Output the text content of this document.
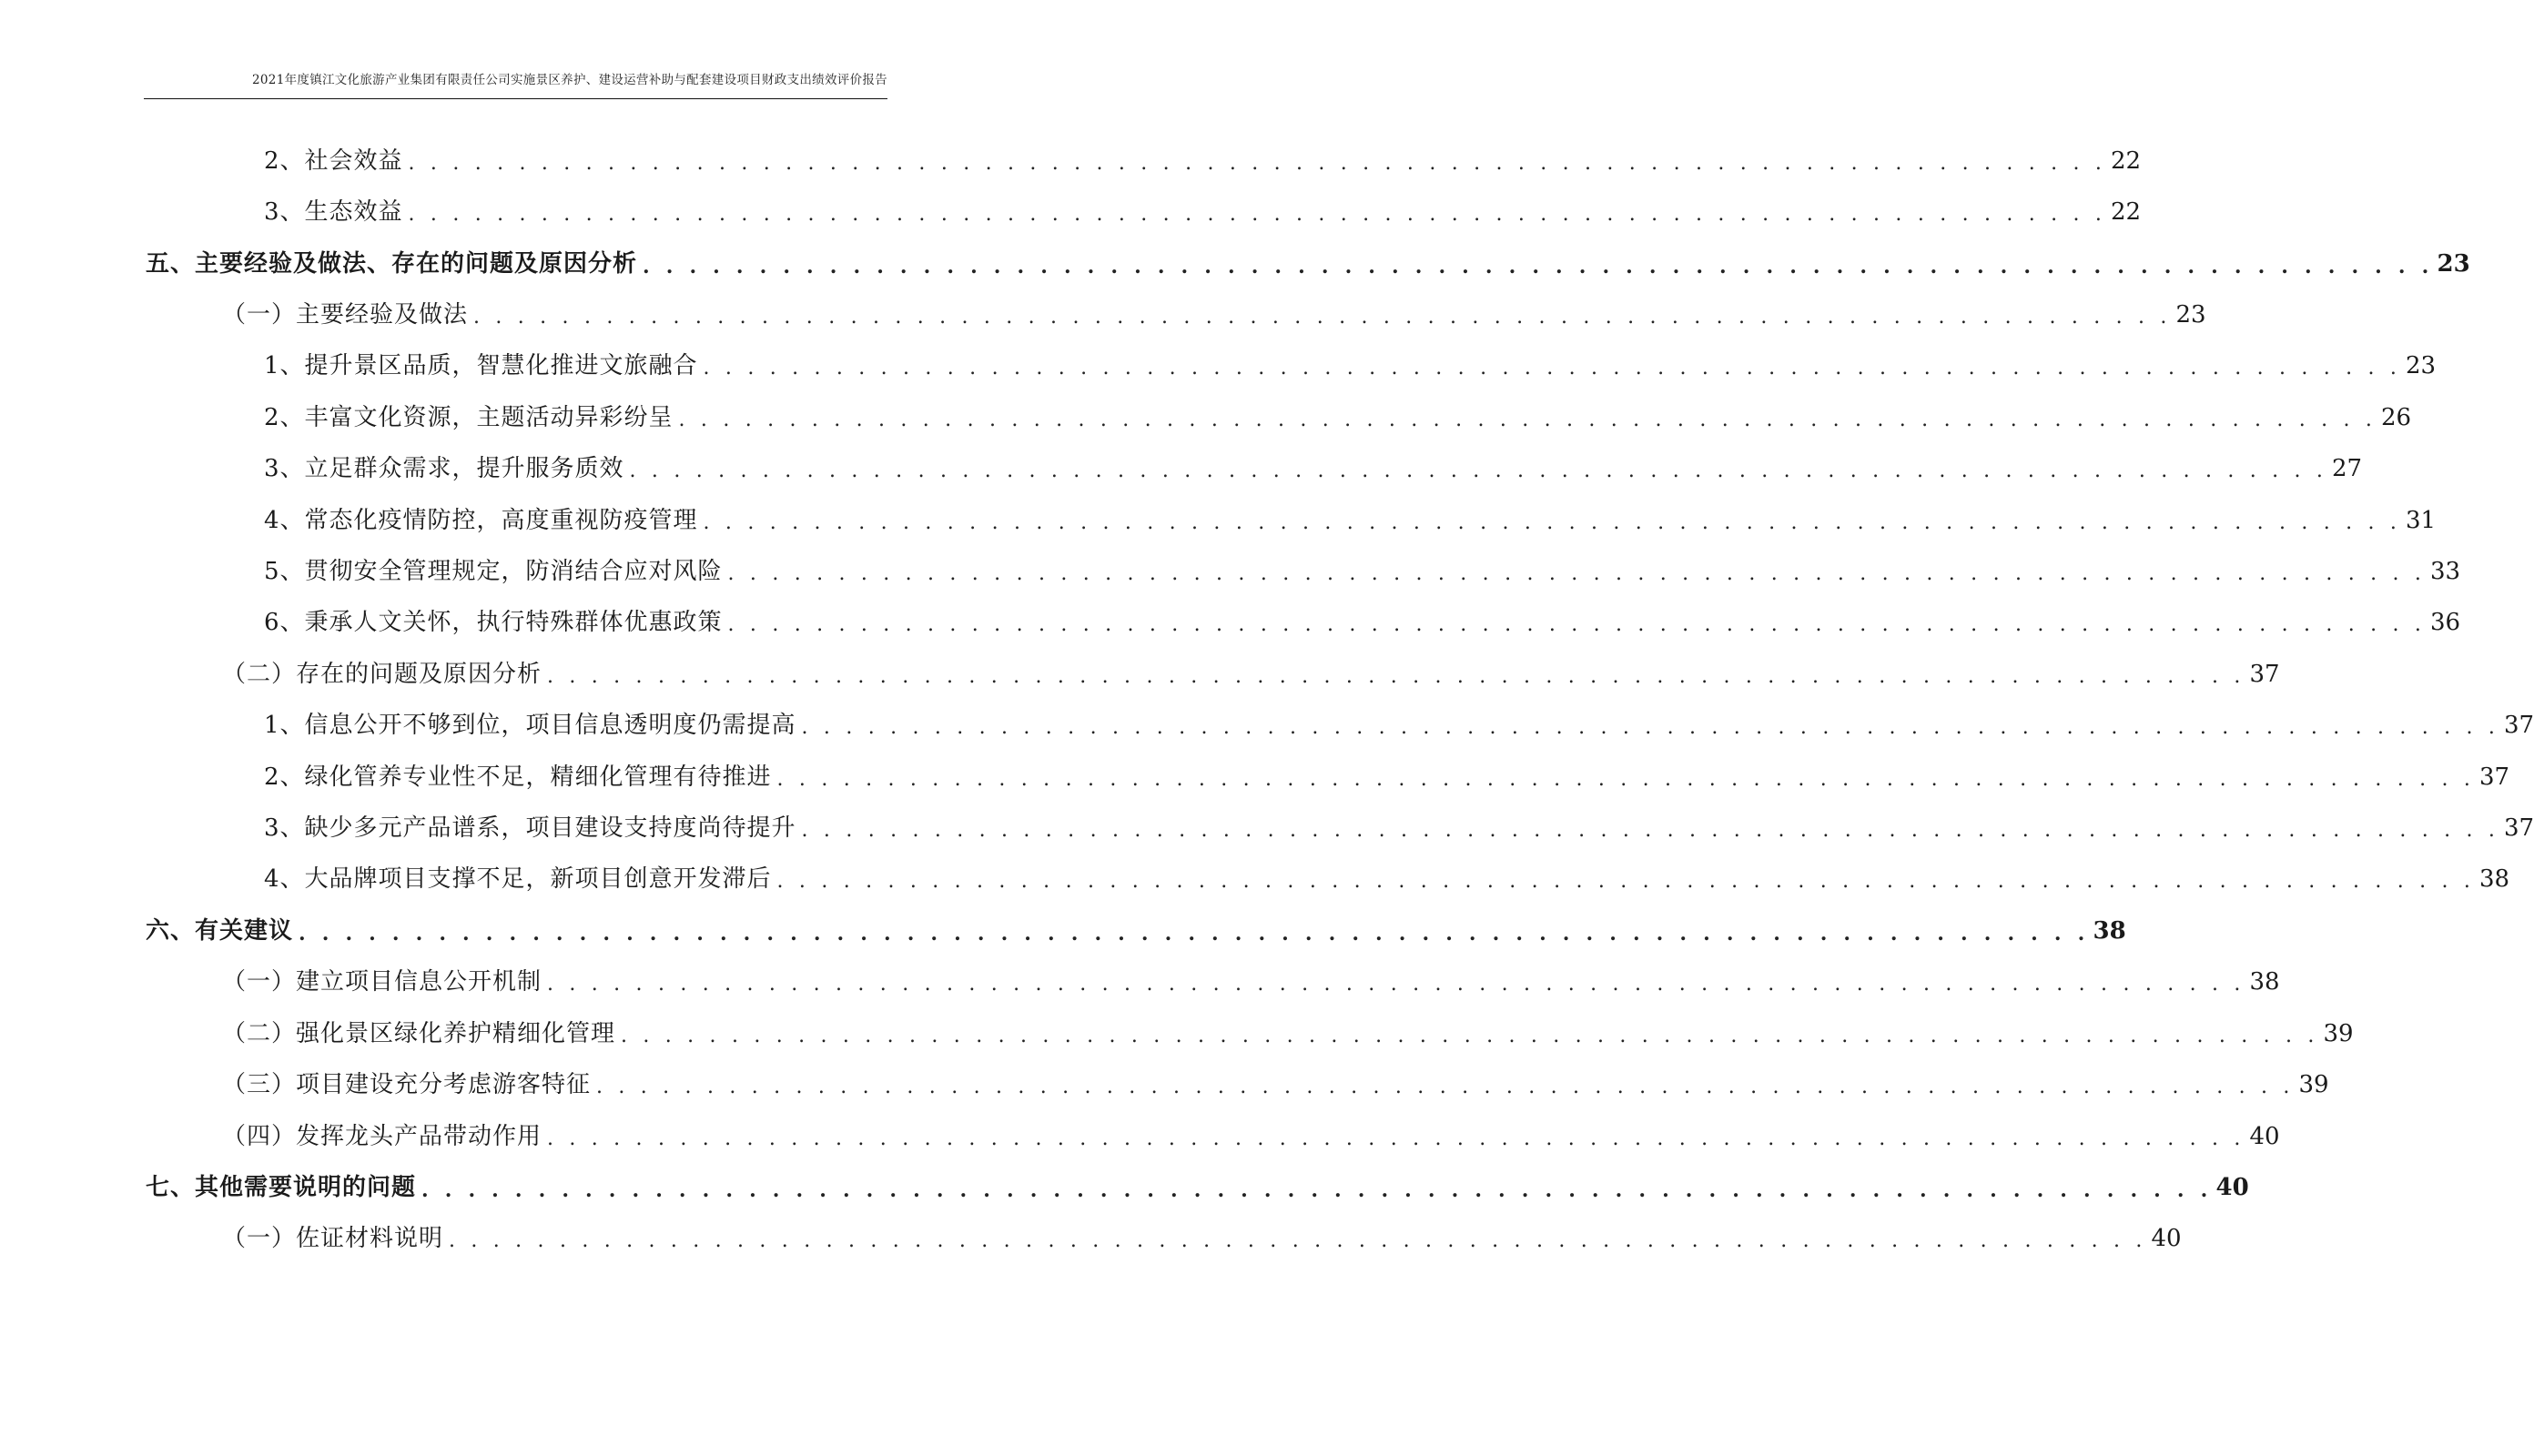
2021年度镇江文化旅游产业集团有限责任公司实施景区养护、建设运营补助与配套建设项目财政支出绩效评价报告
2、社会效益 . . . . . . . . . . . . . . . . . . . . . . . . . . . . . . . . . . . . . . . . . . . . . . . . . . . . . . . . . . . . . . . . . . . . . . . . . . . . . 22
3、生态效益 . . . . . . . . . . . . . . . . . . . . . . . . . . . . . . . . . . . . . . . . . . . . . . . . . . . . . . . . . . . . . . . . . . . . . . . . . . . . . 22
五、主要经验及做法、存在的问题及原因分析 . . . . . . . . . . . . . . . . . . . . . . . . . . . . . . . . . . . . . . . . . . . . . . . . . . . . . . . . . . . . . . . . . . . . . . . . . . . . . 23
（一）主要经验及做法 . . . . . . . . . . . . . . . . . . . . . . . . . . . . . . . . . . . . . . . . . . . . . . . . . . . . . . . . . . . . . . . . . . . . . . . . . . . . . 23
1、提升景区品质，智慧化推进文旅融合 . . . . . . . . . . . . . . . . . . . . . . . . . . . . . . . . . . . . . . . . . . . . . . . . . . . . . . . . . . . . . . . . . . . . . . . . . . . . . 23
2、丰富文化资源，主题活动异彩纷呈 . . . . . . . . . . . . . . . . . . . . . . . . . . . . . . . . . . . . . . . . . . . . . . . . . . . . . . . . . . . . . . . . . . . . . . . . . . . . . 26
3、立足群众需求，提升服务质效 . . . . . . . . . . . . . . . . . . . . . . . . . . . . . . . . . . . . . . . . . . . . . . . . . . . . . . . . . . . . . . . . . . . . . . . . . . . . . 27
4、常态化疫情防控，高度重视防疫管理 . . . . . . . . . . . . . . . . . . . . . . . . . . . . . . . . . . . . . . . . . . . . . . . . . . . . . . . . . . . . . . . . . . . . . . . . . . . . . 31
5、贯彻安全管理规定，防消结合应对风险 . . . . . . . . . . . . . . . . . . . . . . . . . . . . . . . . . . . . . . . . . . . . . . . . . . . . . . . . . . . . . . . . . . . . . . . . . . . . . 33
6、秉承人文关怀，执行特殊群体优惠政策 . . . . . . . . . . . . . . . . . . . . . . . . . . . . . . . . . . . . . . . . . . . . . . . . . . . . . . . . . . . . . . . . . . . . . . . . . . . . . 36
（二）存在的问题及原因分析 . . . . . . . . . . . . . . . . . . . . . . . . . . . . . . . . . . . . . . . . . . . . . . . . . . . . . . . . . . . . . . . . . . . . . . . . . . . . . 37
1、信息公开不够到位，项目信息透明度仍需提高 . . . . . . . . . . . . . . . . . . . . . . . . . . . . . . . . . . . . . . . . . . . . . . . . . . . . . . . . . . . . . . . . . . . . . . . . . . . . . 37
2、绿化管养专业性不足，精细化管理有待推进 . . . . . . . . . . . . . . . . . . . . . . . . . . . . . . . . . . . . . . . . . . . . . . . . . . . . . . . . . . . . . . . . . . . . . . . . . . . . . 37
3、缺少多元产品谱系，项目建设支持度尚待提升 . . . . . . . . . . . . . . . . . . . . . . . . . . . . . . . . . . . . . . . . . . . . . . . . . . . . . . . . . . . . . . . . . . . . . . . . . . . . . 37
4、大品牌项目支撑不足，新项目创意开发滞后 . . . . . . . . . . . . . . . . . . . . . . . . . . . . . . . . . . . . . . . . . . . . . . . . . . . . . . . . . . . . . . . . . . . . . . . . . . . . . 38
六、有关建议 . . . . . . . . . . . . . . . . . . . . . . . . . . . . . . . . . . . . . . . . . . . . . . . . . . . . . . . . . . . . . . . . . . . . . . . . . . . . . 38
（一）建立项目信息公开机制 . . . . . . . . . . . . . . . . . . . . . . . . . . . . . . . . . . . . . . . . . . . . . . . . . . . . . . . . . . . . . . . . . . . . . . . . . . . . . 38
（二）强化景区绿化养护精细化管理 . . . . . . . . . . . . . . . . . . . . . . . . . . . . . . . . . . . . . . . . . . . . . . . . . . . . . . . . . . . . . . . . . . . . . . . . . . . . . 39
（三）项目建设充分考虑游客特征 . . . . . . . . . . . . . . . . . . . . . . . . . . . . . . . . . . . . . . . . . . . . . . . . . . . . . . . . . . . . . . . . . . . . . . . . . . . . . 39
（四）发挥龙头产品带动作用 . . . . . . . . . . . . . . . . . . . . . . . . . . . . . . . . . . . . . . . . . . . . . . . . . . . . . . . . . . . . . . . . . . . . . . . . . . . . . 40
七、其他需要说明的问题 . . . . . . . . . . . . . . . . . . . . . . . . . . . . . . . . . . . . . . . . . . . . . . . . . . . . . . . . . . . . . . . . . . . . . . . . . . . . . 40
（一）佐证材料说明 . . . . . . . . . . . . . . . . . . . . . . . . . . . . . . . . . . . . . . . . . . . . . . . . . . . . . . . . . . . . . . . . . . . . . . . . . . . . . 40
